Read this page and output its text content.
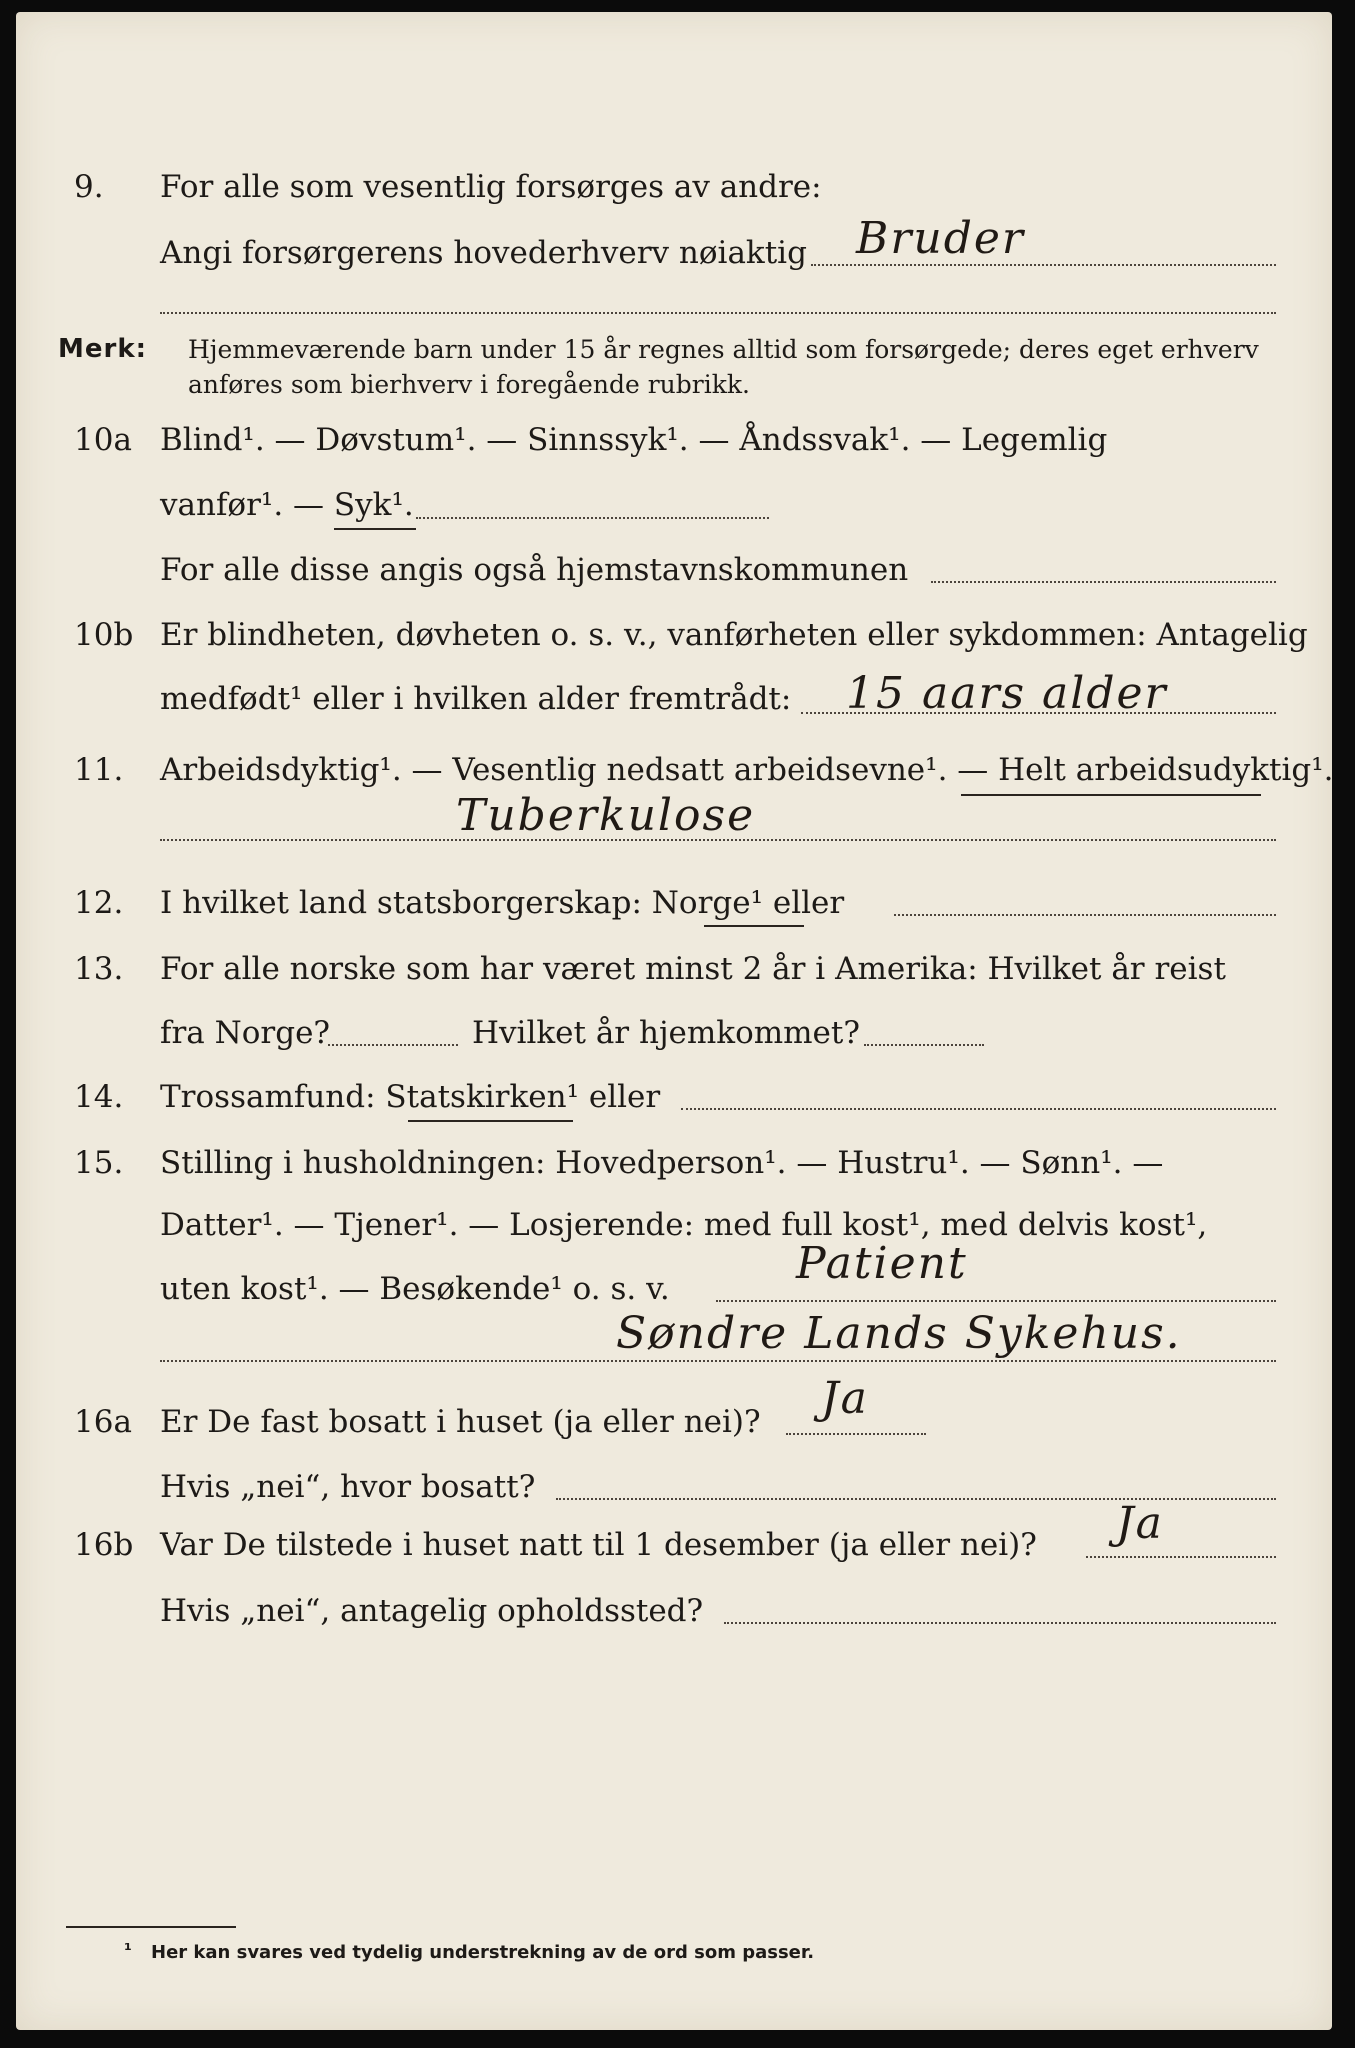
9. For alle som vesentlig forsørges av andre:
Angi forsørgerens hovederhverv nøiaktig Bruder
Merk: Hjemmeværende barn under 15 år regnes alltid som forsørgede; deres eget erhverv
anføres som bierhverv i foregående rubrikk.
10a Blind¹. — Døvstum¹. — Sinnssyk¹. — Åndssvak¹. — Legemlig
vanfør¹. — Syk¹.
For alle disse angis også hjemstavnskommunen
10b Er blindheten, døvheten o. s. v., vanførheten eller sykdommen: Antagelig
medfødt¹ eller i hvilken alder fremtrådt: 15 aars alder
11. Arbeidsdyktig¹. — Vesentlig nedsatt arbeidsevne¹. — Helt arbeidsudyktig¹.
Tuberkulose
12. I hvilket land statsborgerskap: Norge¹ eller
13. For alle norske som har været minst 2 år i Amerika: Hvilket år reist
fra Norge?	Hvilket år hjemkommet?
14. Trossamfund: Statskirken¹ eller
15. Stilling i husholdningen: Hovedperson¹. — Hustru¹. — Sønn¹. —
Datter¹. — Tjener¹. — Losjerende: med full kost¹, med delvis kost¹,
uten kost¹. — Besøkende¹ o. s. v.	Patient
Søndre Lands Sykehus.
16a Er De fast bosatt i huset (ja eller nei)? Ja
Hvis „nei“, hvor bosatt?
16b Var De tilstede i huset natt til 1 desember (ja eller nei)? Ja
Hvis „nei“, antagelig opholdssted?
¹ Her kan svares ved tydelig understrekning av de ord som passer.
